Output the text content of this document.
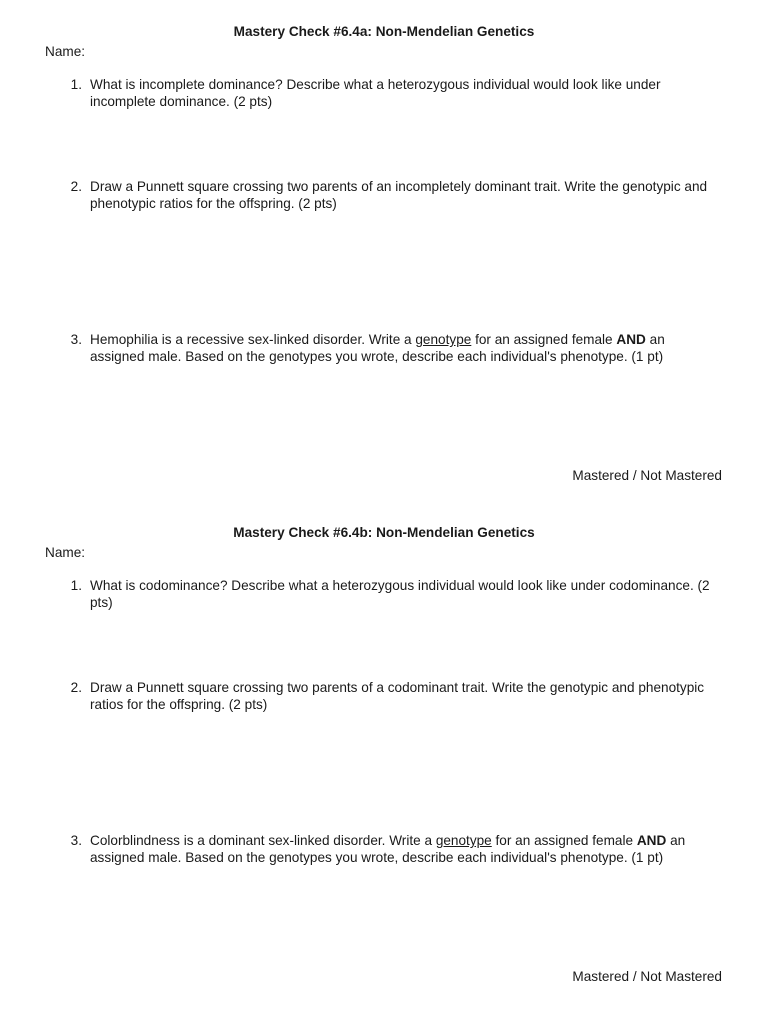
Mastery Check #6.4a: Non-Mendelian Genetics
Name:
1. What is incomplete dominance? Describe what a heterozygous individual would look like under incomplete dominance. (2 pts)
2. Draw a Punnett square crossing two parents of an incompletely dominant trait. Write the genotypic and phenotypic ratios for the offspring. (2 pts)
3. Hemophilia is a recessive sex-linked disorder. Write a genotype for an assigned female AND an assigned male. Based on the genotypes you wrote, describe each individual's phenotype. (1 pt)
Mastered / Not Mastered
Mastery Check #6.4b: Non-Mendelian Genetics
Name:
1. What is codominance? Describe what a heterozygous individual would look like under codominance. (2 pts)
2. Draw a Punnett square crossing two parents of a codominant trait. Write the genotypic and phenotypic ratios for the offspring. (2 pts)
3. Colorblindness is a dominant sex-linked disorder. Write a genotype for an assigned female AND an assigned male. Based on the genotypes you wrote, describe each individual's phenotype. (1 pt)
Mastered / Not Mastered
